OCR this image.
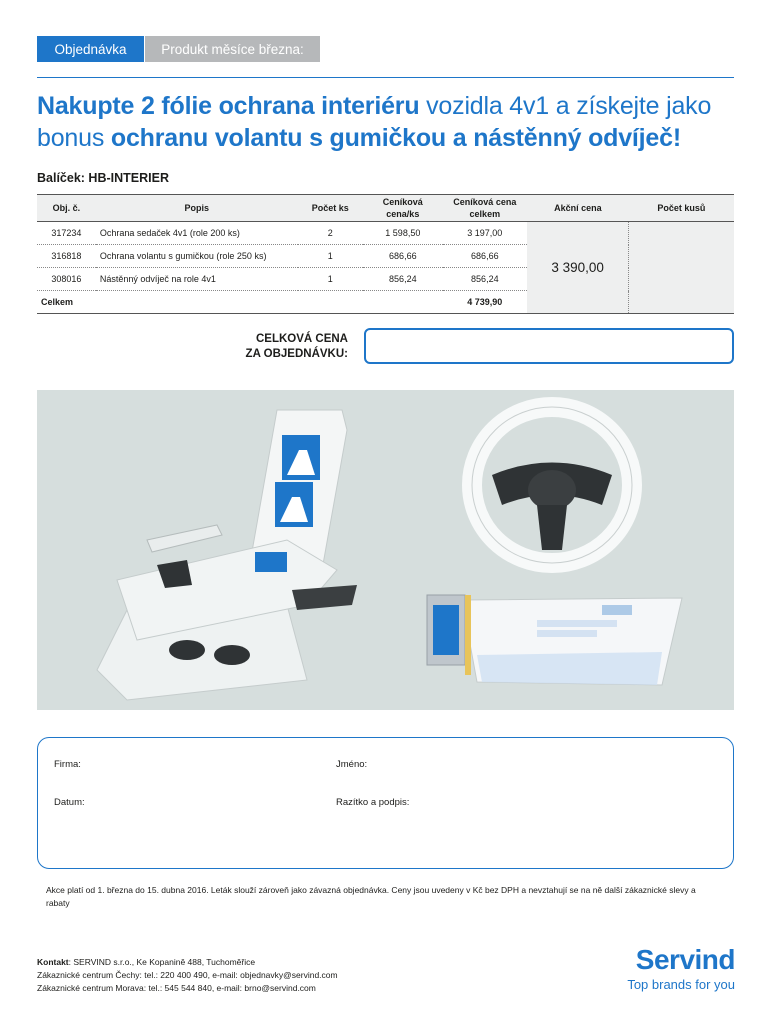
Objednávka	Produkt měsíce března:
Nakupte 2 fólie ochrana interiéru vozidla 4v1 a získejte jako bonus ochranu volantu s gumičkou a nástěnný odvíječ!
Balíček: HB-INTERIER
Obj. č.	Popis	Počet ks	Ceníková cena/ks	Ceníková cena celkem	Akční cena	Počet kusů
317234	Ochrana sedaček 4v1 (role 200 ks)	2	1 598,50	3 197,00	3 390,00	
316818	Ochrana volantu s gumičkou (role 250 ks)	1	686,66	686,66		
308016	Nástěnný odvíječ na role 4v1	1	856,24	856,24		
Celkem				4 739,90		
CELKOVÁ CENA
ZA OBJEDNÁVKU:
Firma:	Jméno:
Datum:	Razítko a podpis:
Akce platí od 1. března do 15. dubna 2016. Leták slouží zároveň jako závazná objednávka. Ceny jsou uvedeny v Kč bez DPH a nevztahují se na ně další zákaznické slevy a rabaty
Kontakt: SERVIND s.r.o., Ke Kopanině 488, Tuchoměřice
Zákaznické centrum Čechy: tel.: 220 400 490, e-mail: objednavky@servind.com
Zákaznické centrum Morava: tel.: 545 544 840, e-mail: brno@servind.com
Servind
Top brands for you
